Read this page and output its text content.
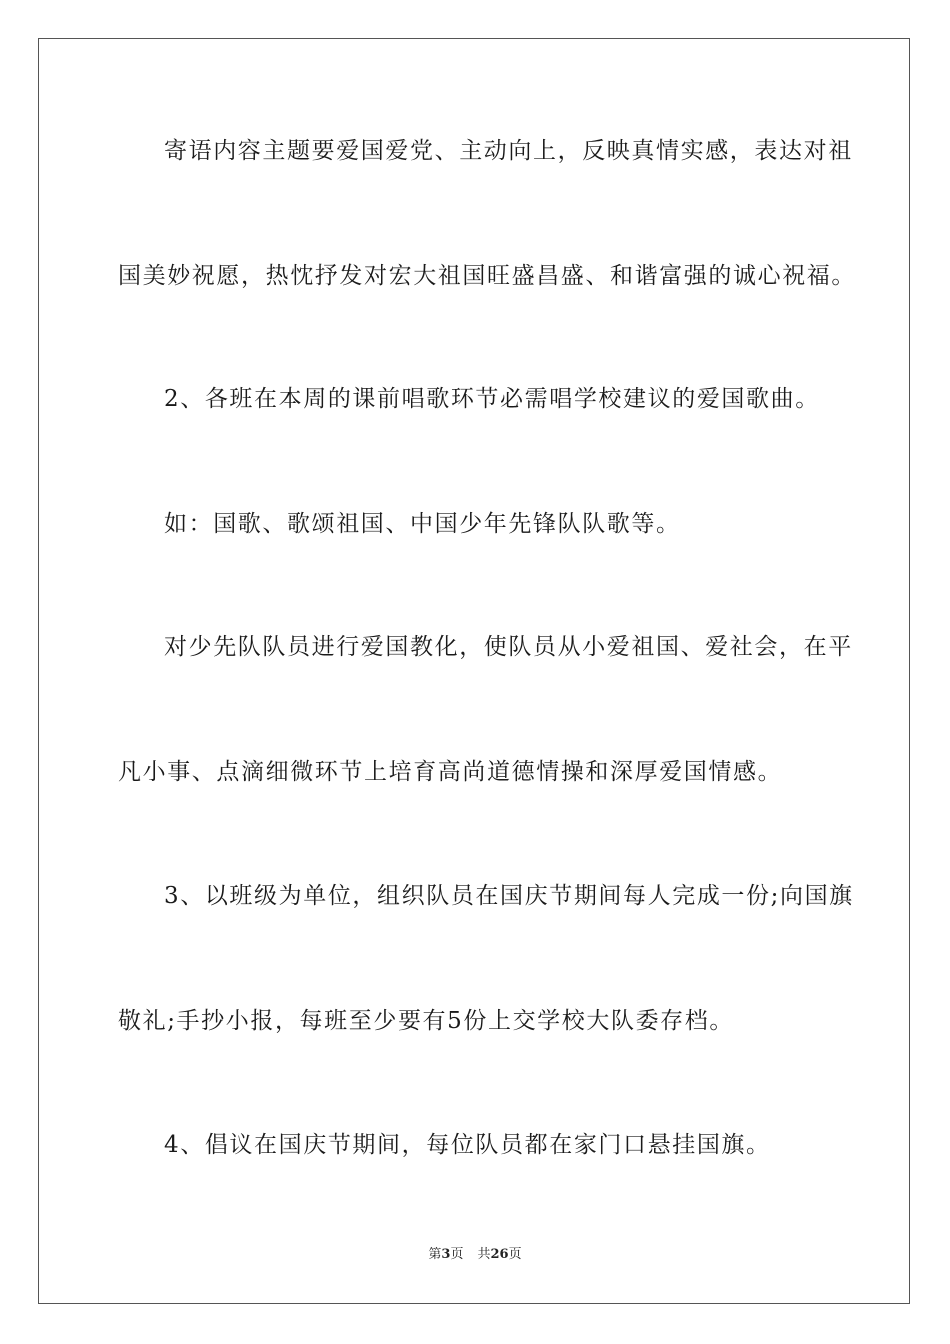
寄语内容主题要爱国爱党、主动向上，反映真情实感，表达对祖
国美妙祝愿，热忱抒发对宏大祖国旺盛昌盛、和谐富强的诚心祝福。
2、各班在本周的课前唱歌环节必需唱学校建议的爱国歌曲。
如：国歌、歌颂祖国、中国少年先锋队队歌等。
对少先队队员进行爱国教化，使队员从小爱祖国、爱社会，在平
凡小事、点滴细微环节上培育高尚道德情操和深厚爱国情感。
3、以班级为单位，组织队员在国庆节期间每人完成一份;向国旗
敬礼;手抄小报，每班至少要有5份上交学校大队委存档。
4、倡议在国庆节期间，每位队员都在家门口悬挂国旗。
第3页 共26页
